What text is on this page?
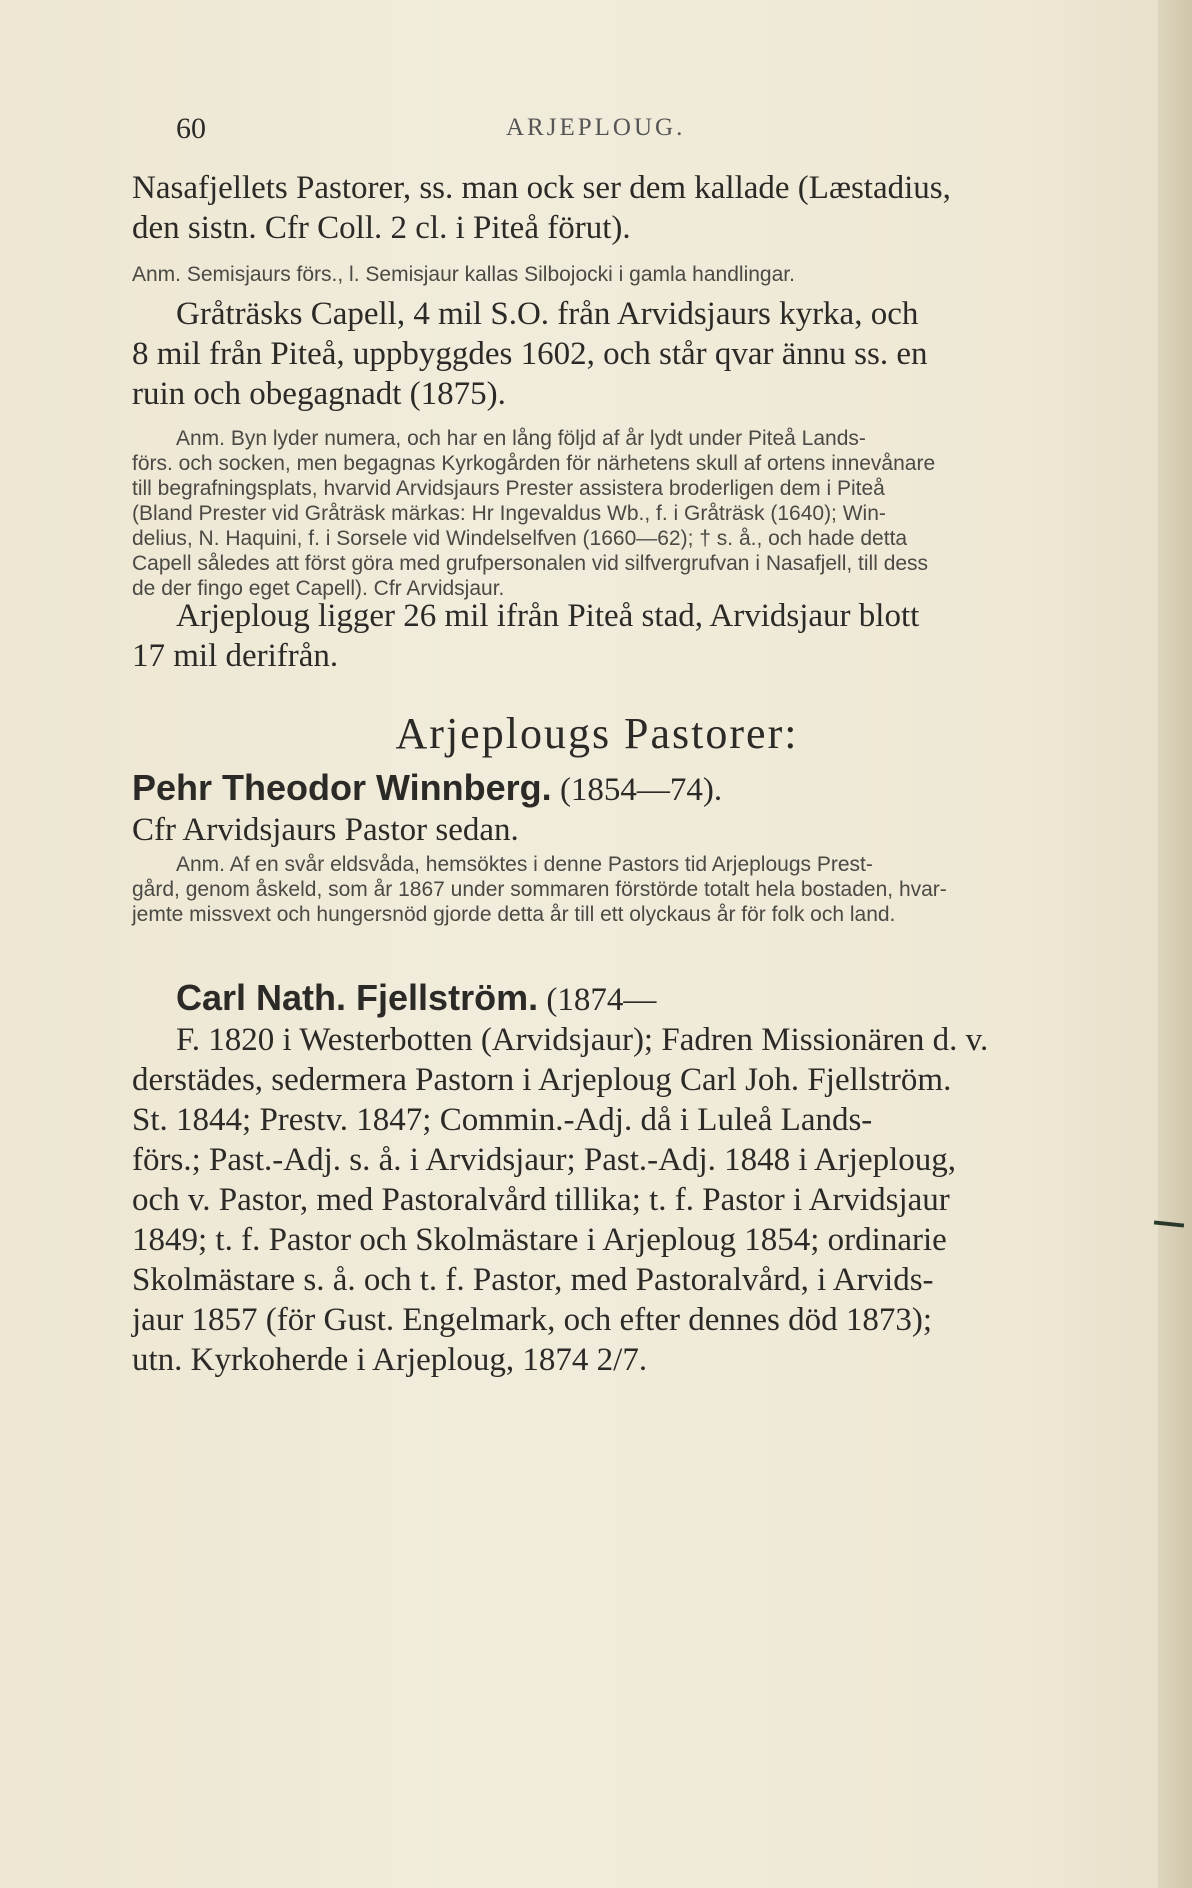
60	ARJEPLOUG.
Nasafjellets Pastorer, ss. man ock ser dem kallade (Læstadius,
den sistn. Cfr Coll. 2 cl. i Piteå förut).
Anm. Semisjaurs förs., l. Semisjaur kallas Silbojocki i gamla handlingar.
Gråträsks Capell, 4 mil S.O. från Arvidsjaurs kyrka, och
8 mil från Piteå, uppbyggdes 1602, och står qvar ännu ss. en
ruin och obegagnadt (1875).
Anm. Byn lyder numera, och har en lång följd af år lydt under Piteå Lands-
förs. och socken, men begagnas Kyrkogården för närhetens skull af ortens innevånare
till begrafningsplats, hvarvid Arvidsjaurs Prester assistera broderligen dem i Piteå
(Bland Prester vid Gråträsk märkas: Hr Ingevaldus Wb., f. i Gråträsk (1640); Win-
delius, N. Haquini, f. i Sorsele vid Windelselfven (1660—62); † s. å., och hade detta
Capell således att först göra med grufpersonalen vid silfvergrufvan i Nasafjell, till dess
de der fingo eget Capell). Cfr Arvidsjaur.
Arjeploug ligger 26 mil ifrån Piteå stad, Arvidsjaur blott
17 mil derifrån.
Arjeplougs Pastorer:
Pehr Theodor Winnberg. (1854—74).
Cfr Arvidsjaurs Pastor sedan.
Anm. Af en svår eldsvåda, hemsöktes i denne Pastors tid Arjeplougs Prest-
gård, genom åskeld, som år 1867 under sommaren förstörde totalt hela bostaden, hvar-
jemte missvext och hungersnöd gjorde detta år till ett olyckaus år för folk och land.
Carl Nath. Fjellström. (1874—
F. 1820 i Westerbotten (Arvidsjaur); Fadren Missionären d. v.
derstädes, sedermera Pastorn i Arjeploug Carl Joh. Fjellström.
St. 1844; Prestv. 1847; Commin.-Adj. då i Luleå Lands-
förs.; Past.-Adj. s. å. i Arvidsjaur; Past.-Adj. 1848 i Arjeploug,
och v. Pastor, med Pastoralvård tillika; t. f. Pastor i Arvidsjaur
1849; t. f. Pastor och Skolmästare i Arjeploug 1854; ordinarie
Skolmästare s. å. och t. f. Pastor, med Pastoralvård, i Arvids-
jaur 1857 (för Gust. Engelmark, och efter dennes död 1873);
utn. Kyrkoherde i Arjeploug, 1874 2/7.
